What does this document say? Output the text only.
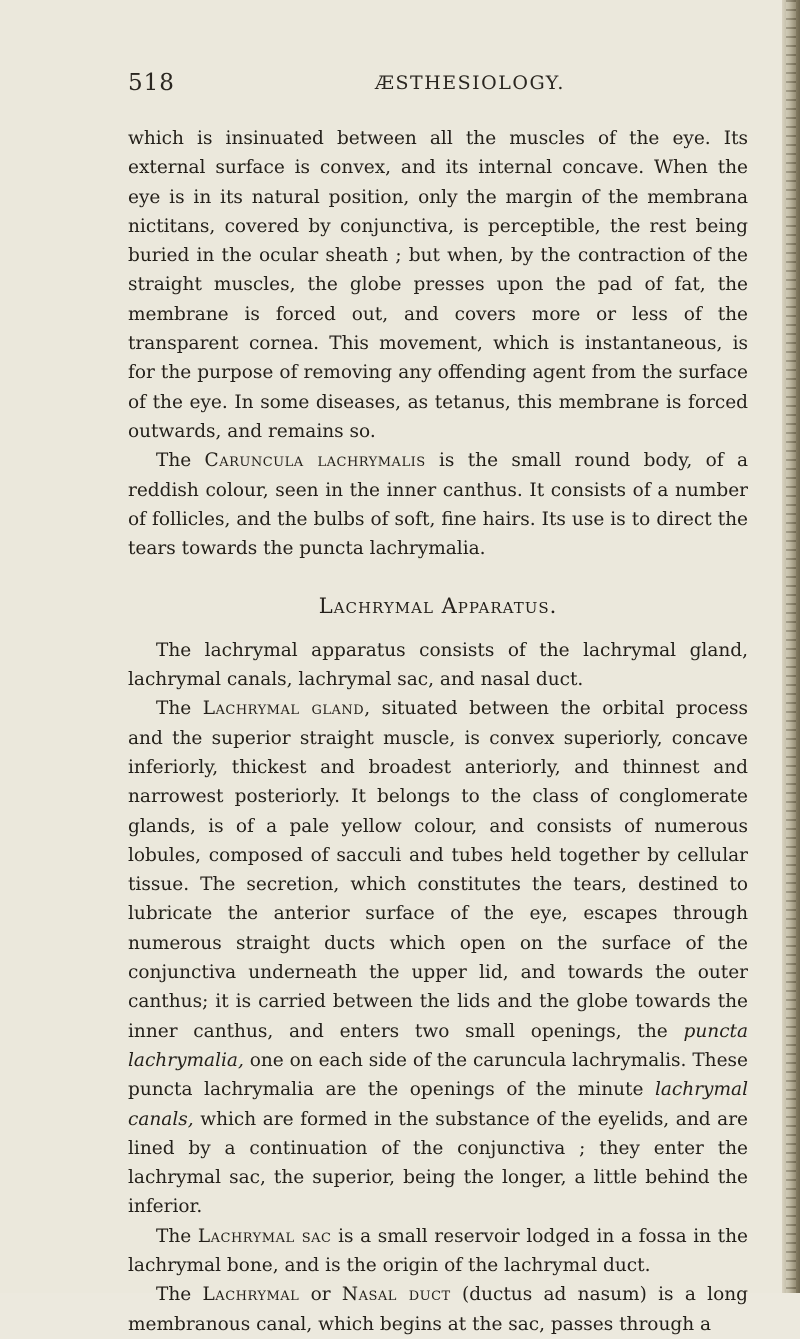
518	ÆSTHESIOLOGY.

which is insinuated between all the muscles of the eye. Its external surface is convex, and its internal concave. When the eye is in its natural position, only the margin of the membrana nictitans, covered by conjunctiva, is perceptible, the rest being buried in the ocular sheath ; but when, by the contraction of the straight muscles, the globe presses upon the pad of fat, the membrane is forced out, and covers more or less of the transparent cornea. This movement, which is instantaneous, is for the purpose of removing any offending agent from the surface of the eye. In some diseases, as tetanus, this membrane is forced outwards, and remains so.

The Caruncula lachrymalis is the small round body, of a reddish colour, seen in the inner canthus. It consists of a number of follicles, and the bulbs of soft, fine hairs. Its use is to direct the tears towards the puncta lachrymalia.

Lachrymal Apparatus.

The lachrymal apparatus consists of the lachrymal gland, lachrymal canals, lachrymal sac, and nasal duct.

The Lachrymal gland, situated between the orbital process and the superior straight muscle, is convex superiorly, concave inferiorly, thickest and broadest anteriorly, and thinnest and narrowest posteriorly. It belongs to the class of conglomerate glands, is of a pale yellow colour, and consists of numerous lobules, composed of sacculi and tubes held together by cellular tissue. The secretion, which constitutes the tears, destined to lubricate the anterior surface of the eye, escapes through numerous straight ducts which open on the surface of the conjunctiva underneath the upper lid, and towards the outer canthus; it is carried between the lids and the globe towards the inner canthus, and enters two small openings, the puncta lachrymalia, one on each side of the caruncula lachrymalis. These puncta lachrymalia are the openings of the minute lachrymal canals, which are formed in the substance of the eyelids, and are lined by a continuation of the conjunctiva ; they enter the lachrymal sac, the superior, being the longer, a little behind the inferior.

The Lachrymal sac is a small reservoir lodged in a fossa in the lachrymal bone, and is the origin of the lachrymal duct.

The Lachrymal or Nasal duct (ductus ad nasum) is a long membranous canal, which begins at the sac, passes through a
